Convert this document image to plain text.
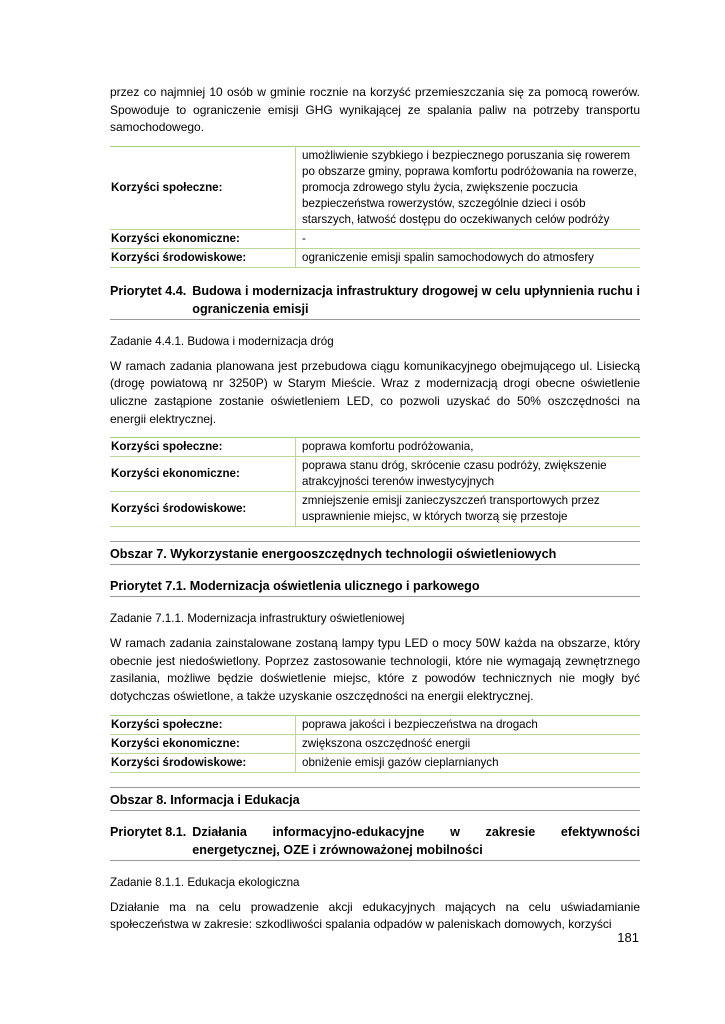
przez co najmniej 10 osób w gminie rocznie na korzyść przemieszczania się za pomocą rowerów. Spowoduje to ograniczenie emisji GHG wynikającej ze spalania paliw na potrzeby transportu samochodowego.

Korzyści społeczne:	umożliwienie szybkiego i bezpiecznego poruszania się rowerem po obszarze gminy, poprawa komfortu podróżowania na rowerze, promocja zdrowego stylu życia, zwiększenie poczucia bezpieczeństwa rowerzystów, szczególnie dzieci i osób starszych, łatwość dostępu do oczekiwanych celów podróży
Korzyści ekonomiczne:	-
Korzyści środowiskowe:	ograniczenie emisji spalin samochodowych do atmosfery
Priorytet 4.4. Budowa i modernizacja infrastruktury drogowej w celu upłynnienia ruchu i ograniczenia emisji

Zadanie 4.4.1. Budowa i modernizacja dróg

W ramach zadania planowana jest przebudowa ciągu komunikacyjnego obejmującego ul. Lisiecką (drogę powiatową nr 3250P) w Starym Mieście. Wraz z modernizacją drogi obecne oświetlenie uliczne zastąpione zostanie oświetleniem LED, co pozwoli uzyskać do 50% oszczędności na energii elektrycznej.

Korzyści społeczne:	poprawa komfortu podróżowania,
Korzyści ekonomiczne:	poprawa stanu dróg, skrócenie czasu podróży, zwiększenie atrakcyjności terenów inwestycyjnych
Korzyści środowiskowe:	zmniejszenie emisji zanieczyszczeń transportowych przez usprawnienie miejsc, w których tworzą się przestoje
Obszar 7. Wykorzystanie energooszczędnych technologii oświetleniowych
Priorytet 7.1. Modernizacja oświetlenia ulicznego i parkowego

Zadanie 7.1.1. Modernizacja infrastruktury oświetleniowej

W ramach zadania zainstalowane zostaną lampy typu LED o mocy 50W każda na obszarze, który obecnie jest niedoświetlony. Poprzez zastosowanie technologii, które nie wymagają zewnętrznego zasilania, możliwe będzie doświetlenie miejsc, które z powodów technicznych nie mogły być dotychczas oświetlone, a także uzyskanie oszczędności na energii elektrycznej.

Korzyści społeczne:	poprawa jakości i bezpieczeństwa na drogach
Korzyści ekonomiczne:	zwiększona oszczędność energii
Korzyści środowiskowe:	obniżenie emisji gazów cieplarnianych
Obszar 8. Informacja i Edukacja
Priorytet 8.1. Działania informacyjno-edukacyjne w zakresie efektywności energetycznej, OZE i zrównoważonej mobilności

Zadanie 8.1.1. Edukacja ekologiczna

Działanie ma na celu prowadzenie akcji edukacyjnych mających na celu uświadamianie społeczeństwa w zakresie: szkodliwości spalania odpadów w paleniskach domowych, korzyści

181
